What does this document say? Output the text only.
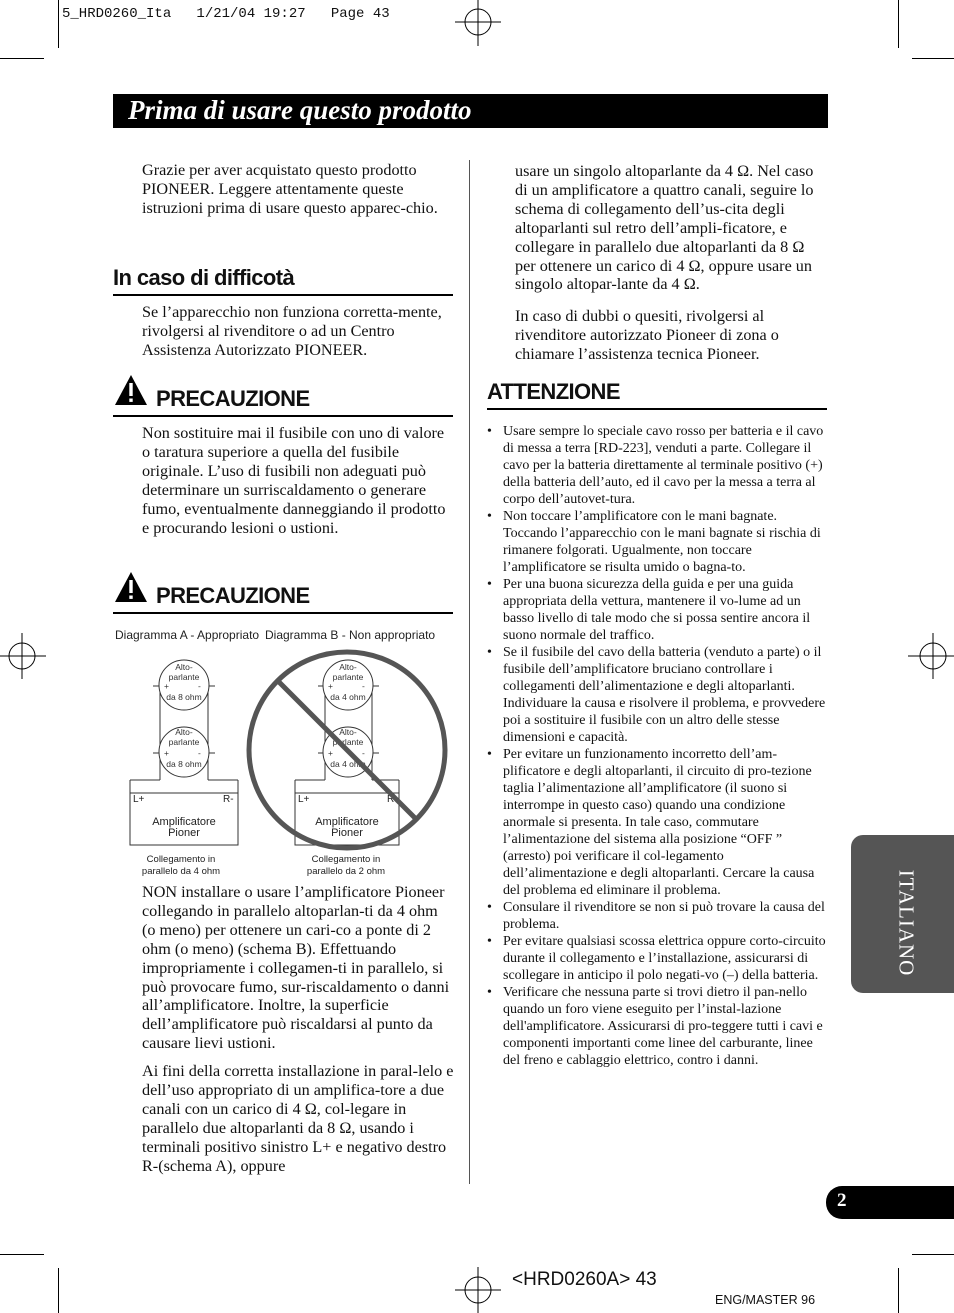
5_HRD0260_Ita   1/21/04 19:27   Page 43
Prima di usare questo prodotto

Grazie per aver acquistato questo prodotto PIONEER. Leggere attentamente queste istruzioni prima di usare questo apparec-chio.

In caso di difficotà

Se l’apparecchio non funziona corretta-mente, rivolgersi al rivenditore o ad un Centro Assistenza Autorizzato PIONEER.

PRECAUZIONE

Non sostituire mai il fusibile con uno di valore o taratura superiore a quella del fusibile originale. L’uso di fusibili non adeguati può determinare un surriscaldamento o generare fumo, eventualmente danneggiando il prodotto e procurando lesioni o ustioni.

PRECAUZIONE
Diagramma A - Appropriato Diagramma B - Non appropriato
Alto-
parlante
da 8 ohm
+	-
Alto-
parlante
da 8 ohm
+	-
L+	R-
Amplificatore
Pioner
Collegamento in
parallelo da 4 ohm
Alto-
parlante
da 4 ohm
+	-
Alto-
parlante
da 4 ohm
+	-
L+	R-
Amplificatore
Pioner
Collegamento in
parallelo da 2 ohm

NON installare o usare l’amplificatore Pioneer collegando in parallelo altoparlan-ti da 4 ohm (o meno) per ottenere un cari-co a ponte di 2 ohm (o meno) (schema B). Effettuando impropriamente i collegamen-ti in parallelo, si può provocare fumo, sur-riscaldamento o danni all’amplificatore. Inoltre, la superficie dell’amplificatore può riscaldarsi al punto da causare lievi ustioni.

Ai fini della corretta installazione in paral-lelo e dell’uso appropriato di un amplifica-tore a due canali con un carico di 4 Ω, col-legare in parallelo due altoparlanti da 8 Ω, usando i terminali positivo sinistro L+ e negativo destro R-(schema A), oppure

usare un singolo altoparlante da 4 Ω. Nel caso di un amplificatore a quattro canali, seguire lo schema di collegamento dell’us-cita degli altoparlanti sul retro dell’ampli-ficatore, e collegare in parallelo due altoparlanti da 8 Ω per ottenere un carico di 4 Ω, oppure usare un singolo altopar-lante da 4 Ω.

In caso di dubbi o quesiti, rivolgersi al rivenditore autorizzato Pioneer di zona o chiamare l’assistenza tecnica Pioneer.

ATTENZIONE
• Usare sempre lo speciale cavo rosso per batteria e il cavo di messa a terra [RD-223], venduti a parte. Collegare il cavo per la batteria direttamente al terminale positivo (+) della batteria dell’auto, ed il cavo per la messa a terra al corpo dell’autovet-tura.
• Non toccare l’amplificatore con le mani bagnate. Toccando l’apparecchio con le mani bagnate si rischia di rimanere folgorati. Ugualmente, non toccare l’amplificatore se risulta umido o bagna-to.
• Per una buona sicurezza della guida e per una guida appropriata della vettura, mantenere il vo-lume ad un basso livello di tale modo che si possa sentire ancora il suono normale del traffico.
• Se il fusibile del cavo della batteria (venduto a parte) o il fusibile dell’amplificatore bruciano controllare i collegamenti dell’alimentazione e degli altoparlanti. Individuare la causa e risolvere il problema, e provvedere poi a sostituire il fusibile con un altro delle stesse dimensioni e capacità.
• Per evitare un funzionamento incorretto dell’am-plificatore e degli altoparlanti, il circuito di pro-tezione taglia l’alimentazione all’amplificatore (il suono si interrompe in questo caso) quando una condizione anormale si presenta. In tale caso, commutare l’alimentazione del sistema alla posizione “OFF ” (arresto) poi verificare il col-legamento dell’alimentazione e degli altoparlanti. Cercare la causa del problema ed eliminare il problema.
• Consulare il rivenditore se non si può trovare la causa del problema.
• Per evitare qualsiasi scossa elettrica oppure corto-circuito durante il collegamento e l’installazione, assicurarsi di scollegare in anticipo il polo negati-vo (–) della batteria.
• Verificare che nessuna parte si trovi dietro il pan-nello quando un foro viene eseguito per l’instal-lazione dell'amplificatore. Assicurarsi di pro-teggere tutti i cavi e componenti importanti come linee del carburante, linee del freno e cablaggio elettrico, contro i danni.
ITALIANO
2
<HRD0260A> 43
ENG/MASTER 96
